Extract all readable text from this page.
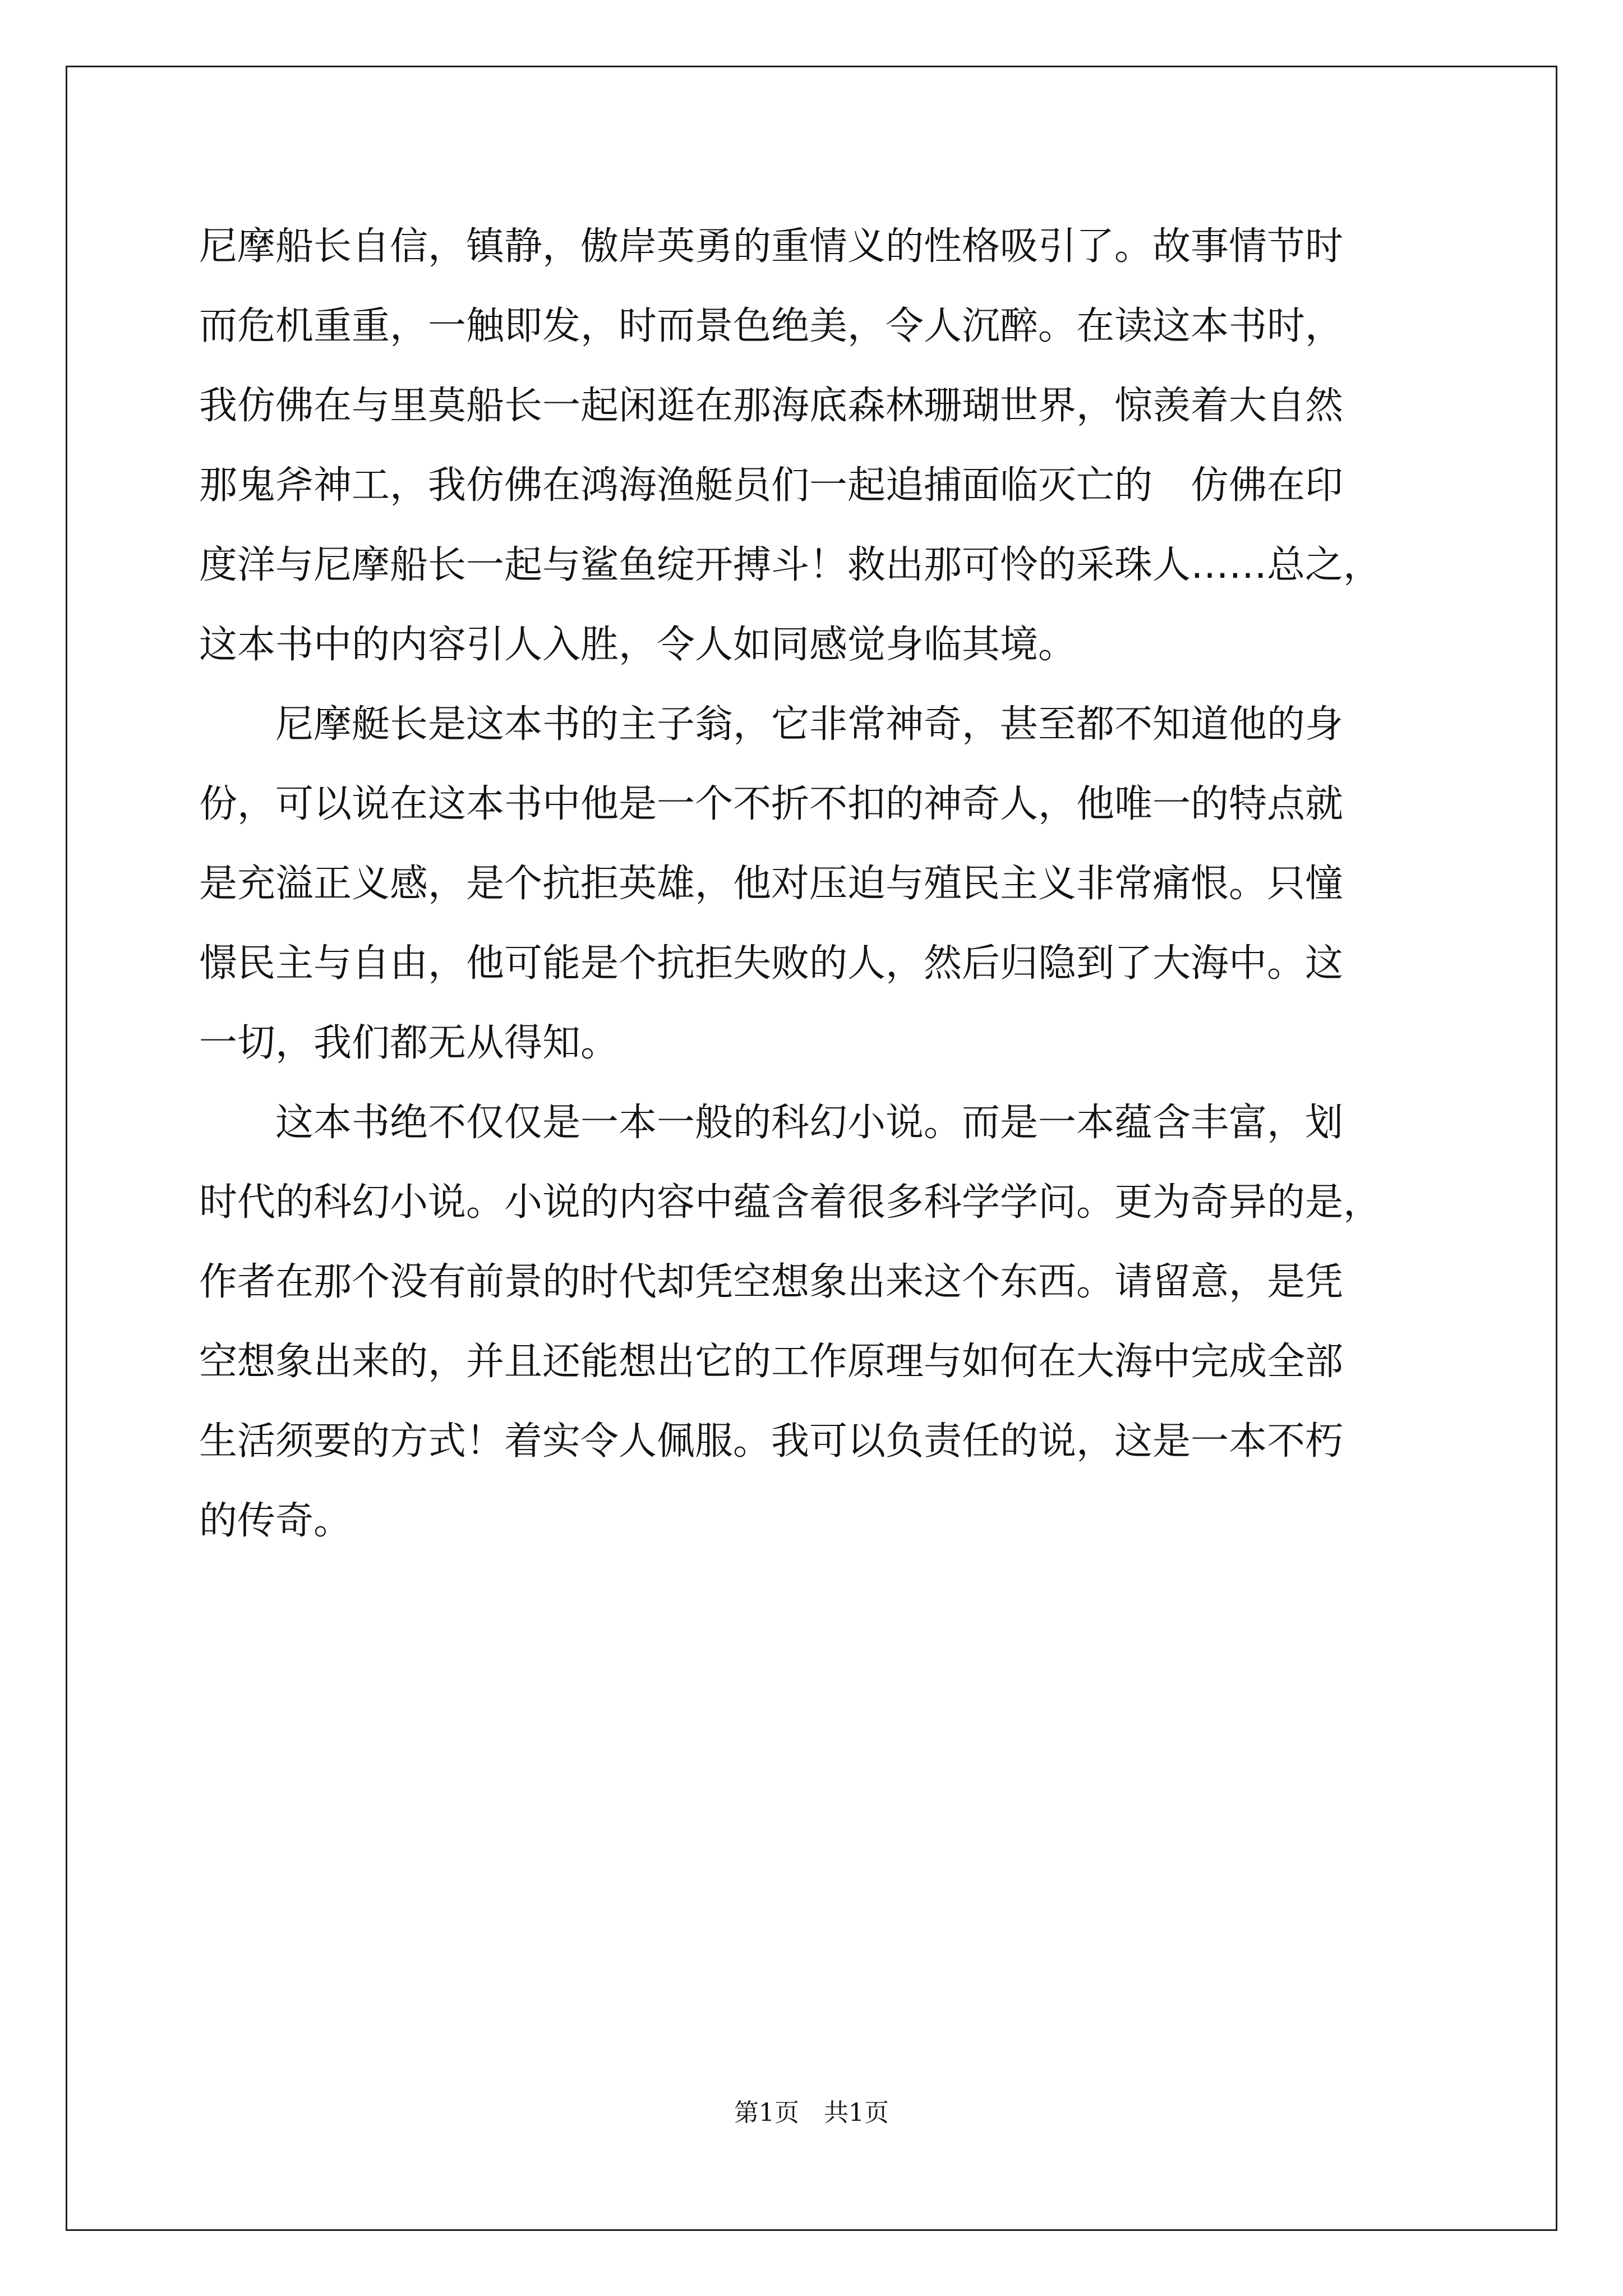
尼摩船长自信，镇静，傲岸英勇的重情义的性格吸引了。故事情节时
而危机重重，一触即发，时而景色绝美，令人沉醉。在读这本书时，
我仿佛在与里莫船长一起闲逛在那海底森林珊瑚世界，惊羡着大自然
那鬼斧神工，我仿佛在鸿海渔艇员们一起追捕面临灭亡的　仿佛在印
度洋与尼摩船长一起与鲨鱼绽开搏斗！救出那可怜的采珠人……总之，
这本书中的内容引人入胜，令人如同感觉身临其境。
　　尼摩艇长是这本书的主子翁，它非常神奇，甚至都不知道他的身
份，可以说在这本书中他是一个不折不扣的神奇人，他唯一的特点就
是充溢正义感，是个抗拒英雄，他对压迫与殖民主义非常痛恨。只憧
憬民主与自由，他可能是个抗拒失败的人，然后归隐到了大海中。这
一切，我们都无从得知。
　　这本书绝不仅仅是一本一般的科幻小说。而是一本蕴含丰富，划
时代的科幻小说。小说的内容中蕴含着很多科学学问。更为奇异的是，
作者在那个没有前景的时代却凭空想象出来这个东西。请留意，是凭
空想象出来的，并且还能想出它的工作原理与如何在大海中完成全部
生活须要的方式！着实令人佩服。我可以负责任的说，这是一本不朽
的传奇。
第1页　共1页
